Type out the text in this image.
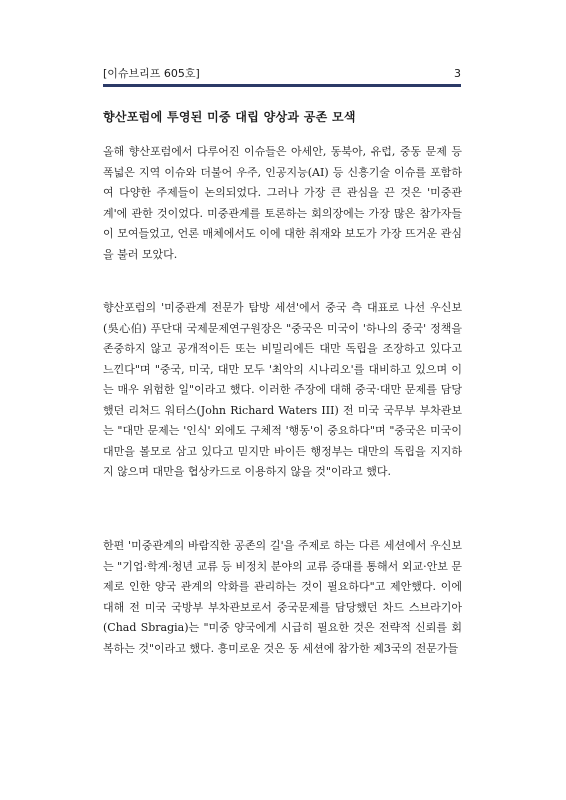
[이슈브리프 605호]	3
향산포럼에 투영된 미중 대립 양상과 공존 모색

올해 향산포럼에서 다루어진 이슈들은 아세안, 동북아, 유럽, 중동 문제 등 폭넓은 지역 이슈와 더불어 우주, 인공지능(AI) 등 신흥기술 이슈를 포함하여 다양한 주제들이 논의되었다. 그러나 가장 큰 관심을 끈 것은 '미중관계'에 관한 것이었다. 미중관계를 토론하는 회의장에는 가장 많은 참가자들이 모여들었고, 언론 매체에서도 이에 대한 취재와 보도가 가장 뜨거운 관심을 불러 모았다.

향산포럼의 '미중관계 전문가 탐방 세션'에서 중국 측 대표로 나선 우신보(吳心伯) 푸단대 국제문제연구원장은 "중국은 미국이 '하나의 중국' 정책을 존중하지 않고 공개적이든 또는 비밀리에든 대만 독립을 조장하고 있다고 느낀다"며 "중국, 미국, 대만 모두 '최악의 시나리오'를 대비하고 있으며 이는 매우 위험한 일"이라고 했다. 이러한 주장에 대해 중국·대만 문제를 담당했던 리처드 워터스(John Richard Waters III) 전 미국 국무부 부차관보는 "대만 문제는 '인식' 외에도 구체적 '행동'이 중요하다"며 "중국은 미국이 대만을 볼모로 삼고 있다고 믿지만 바이든 행정부는 대만의 독립을 지지하지 않으며 대만을 협상카드로 이용하지 않을 것"이라고 했다.

한편 '미중관계의 바람직한 공존의 길'을 주제로 하는 다른 세션에서 우신보는 "기업·학계·청년 교류 등 비정치 분야의 교류 증대를 통해서 외교·안보 문제로 인한 양국 관계의 악화를 관리하는 것이 필요하다"고 제안했다. 이에 대해 전 미국 국방부 부차관보로서 중국문제를 담당했던 차드 스브라기아(Chad Sbragia)는 "미중 양국에게 시급히 필요한 것은 전략적 신뢰를 회복하는 것"이라고 했다. 흥미로운 것은 동 세션에 참가한 제3국의 전문가들
